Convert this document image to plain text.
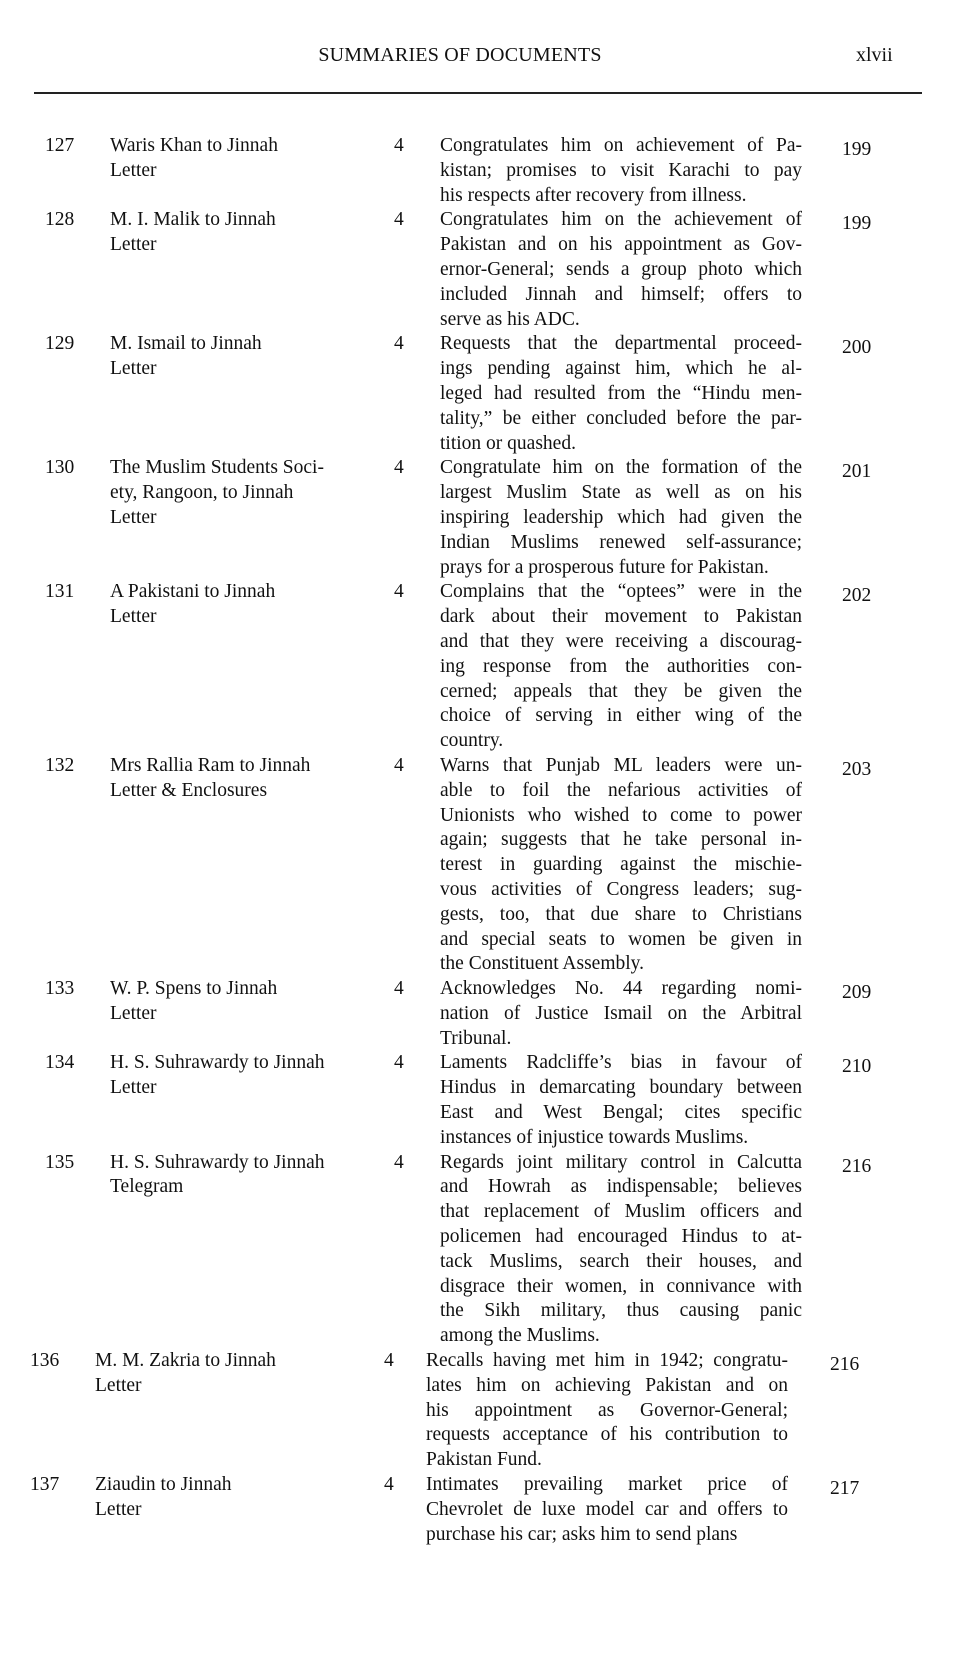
SUMMARIES OF DOCUMENTS	xlvii
127 Waris Khan to Jinnah
Letter
4 Congratulates him on achievement of Pa-
kistan; promises to visit Karachi to pay
his respects after recovery from illness.
199
128 M. I. Malik to Jinnah
Letter
4 Congratulates him on the achievement of
Pakistan and on his appointment as Gov-
ernor-General; sends a group photo which
included Jinnah and himself; offers to
serve as his ADC.
199
129 M. Ismail to Jinnah
Letter
4 Requests that the departmental proceed-
ings pending against him, which he al-
leged had resulted from the “Hindu men-
tality,” be either concluded before the par-
tition or quashed.
200
130 The Muslim Students Soci-
ety, Rangoon, to Jinnah
Letter
4 Congratulate him on the formation of the
largest Muslim State as well as on his
inspiring leadership which had given the
Indian Muslims renewed self-assurance;
prays for a prosperous future for Pakistan.
201
131 A Pakistani to Jinnah
Letter
4 Complains that the “optees” were in the
dark about their movement to Pakistan
and that they were receiving a discourag-
ing response from the authorities con-
cerned; appeals that they be given the
choice of serving in either wing of the
country.
202
132 Mrs Rallia Ram to Jinnah
Letter & Enclosures
4 Warns that Punjab ML leaders were un-
able to foil the nefarious activities of
Unionists who wished to come to power
again; suggests that he take personal in-
terest in guarding against the mischie-
vous activities of Congress leaders; sug-
gests, too, that due share to Christians
and special seats to women be given in
the Constituent Assembly.
203
133 W. P. Spens to Jinnah
Letter
4 Acknowledges No. 44 regarding nomi-
nation of Justice Ismail on the Arbitral
Tribunal.
209
134 H. S. Suhrawardy to Jinnah
Letter
4 Laments Radcliffe’s bias in favour of
Hindus in demarcating boundary between
East and West Bengal; cites specific
instances of injustice towards Muslims.
210
135 H. S. Suhrawardy to Jinnah
Telegram
4 Regards joint military control in Calcutta
and Howrah as indispensable; believes
that replacement of Muslim officers and
policemen had encouraged Hindus to at-
tack Muslims, search their houses, and
disgrace their women, in connivance with
the Sikh military, thus causing panic
among the Muslims.
216
136 M. M. Zakria to Jinnah
Letter
4 Recalls having met him in 1942; congratu-
lates him on achieving Pakistan and on
his appointment as Governor-General;
requests acceptance of his contribution to
Pakistan Fund.
216
137 Ziaudin to Jinnah
Letter
4 Intimates prevailing market price of
Chevrolet de luxe model car and offers to
purchase his car; asks him to send plans
217
